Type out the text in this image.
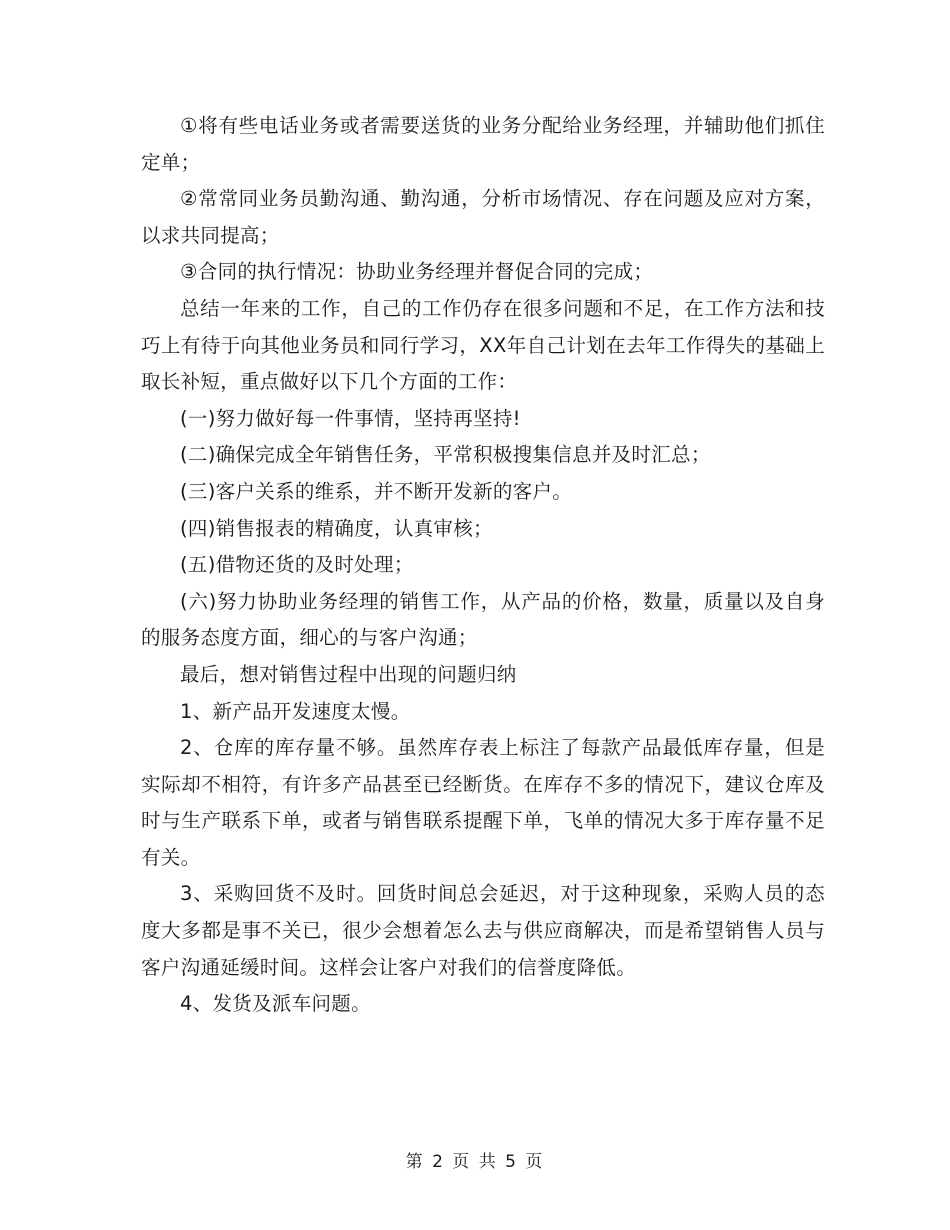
①将有些电话业务或者需要送货的业务分配给业务经理，并辅助他们抓住定单；

②常常同业务员勤沟通、勤沟通，分析市场情况、存在问题及应对方案，以求共同提高；

③合同的执行情况：协助业务经理并督促合同的完成；

总结一年来的工作，自己的工作仍存在很多问题和不足，在工作方法和技巧上有待于向其他业务员和同行学习，XX年自己计划在去年工作得失的基础上取长补短，重点做好以下几个方面的工作：

(一)努力做好每一件事情，坚持再坚持!

(二)确保完成全年销售任务，平常积极搜集信息并及时汇总；

(三)客户关系的维系，并不断开发新的客户。

(四)销售报表的精确度，认真审核；

(五)借物还货的及时处理；

(六)努力协助业务经理的销售工作，从产品的价格，数量，质量以及自身的服务态度方面，细心的与客户沟通；

最后，想对销售过程中出现的问题归纳

1、新产品开发速度太慢。

2、仓库的库存量不够。虽然库存表上标注了每款产品最低库存量，但是实际却不相符，有许多产品甚至已经断货。在库存不多的情况下，建议仓库及时与生产联系下单，或者与销售联系提醒下单，飞单的情况大多于库存量不足有关。

3、采购回货不及时。回货时间总会延迟，对于这种现象，采购人员的态度大多都是事不关已，很少会想着怎么去与供应商解决，而是希望销售人员与客户沟通延缓时间。这样会让客户对我们的信誉度降低。

4、发货及派车问题。

第 2 页 共 5 页
